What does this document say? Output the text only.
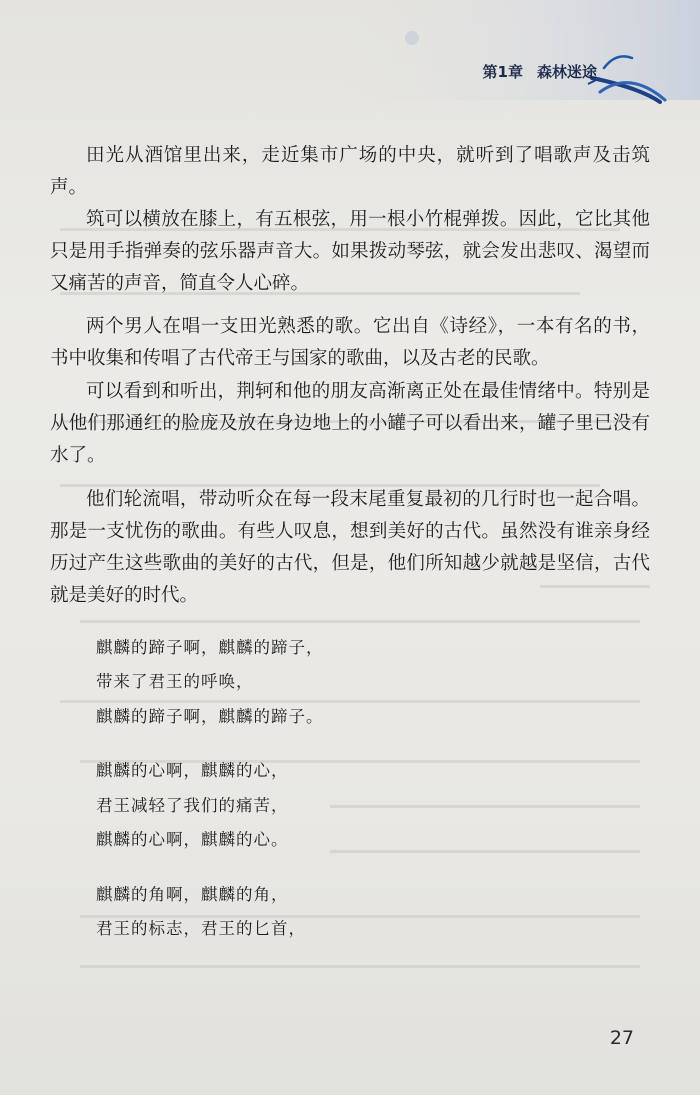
第1章 森林迷途

田光从酒馆里出来，走近集市广场的中央，就听到了唱歌声及击筑声。

筑可以横放在膝上，有五根弦，用一根小竹棍弹拨。因此，它比其他只是用手指弹奏的弦乐器声音大。如果拨动琴弦，就会发出悲叹、渴望而又痛苦的声音，简直令人心碎。

两个男人在唱一支田光熟悉的歌。它出自《诗经》，一本有名的书，书中收集和传唱了古代帝王与国家的歌曲，以及古老的民歌。

可以看到和听出，荆轲和他的朋友高渐离正处在最佳情绪中。特别是从他们那通红的脸庞及放在身边地上的小罐子可以看出来，罐子里已没有水了。

他们轮流唱，带动听众在每一段末尾重复最初的几行时也一起合唱。那是一支忧伤的歌曲。有些人叹息，想到美好的古代。虽然没有谁亲身经历过产生这些歌曲的美好的古代，但是，他们所知越少就越是坚信，古代就是美好的时代。

麒麟的蹄子啊，麒麟的蹄子，
带来了君王的呼唤，
麒麟的蹄子啊，麒麟的蹄子。
麒麟的心啊，麒麟的心，
君王减轻了我们的痛苦，
麒麟的心啊，麒麟的心。
麒麟的角啊，麒麟的角，
君王的标志，君王的匕首，
27
